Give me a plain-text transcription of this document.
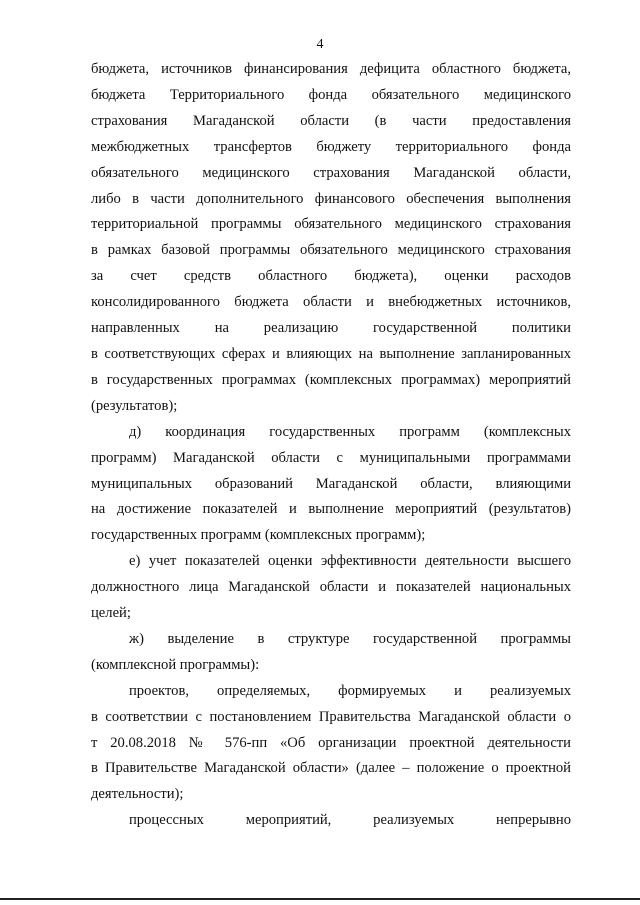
4

бюджета, источников финансирования дефицита областного бюджета,
бюджета Территориального фонда обязательного медицинского
страхования Магаданской области (в части предоставления
межбюджетных трансфертов бюджету территориального фонда
обязательного медицинского страхования Магаданской области,
либо в части дополнительного финансового обеспечения выполнения
территориальной программы обязательного медицинского страхования
в рамках базовой программы обязательного медицинского страхования
за счет средств областного бюджета), оценки расходов
консолидированного бюджета области и внебюджетных источников,
направленных на реализацию государственной политики
в соответствующих сферах и влияющих на выполнение запланированных
в государственных программах (комплексных программах) мероприятий
(результатов);

д) координация государственных программ (комплексных
программ) Магаданской области с муниципальными программами
муниципальных образований Магаданской области, влияющими
на достижение показателей и выполнение мероприятий (результатов)
государственных программ (комплексных программ);

е) учет показателей оценки эффективности деятельности высшего
должностного лица Магаданской области и показателей национальных
целей;

ж) выделение в структуре государственной программы
(комплексной программы):

проектов, определяемых, формируемых и реализуемых
в соответствии с постановлением Правительства Магаданской области о
т 20.08.2018 № 576-пп «Об организации проектной деятельности
в Правительстве Магаданской области» (далее – положение о проектной
деятельности);

процессных мероприятий, реализуемых непрерывно
